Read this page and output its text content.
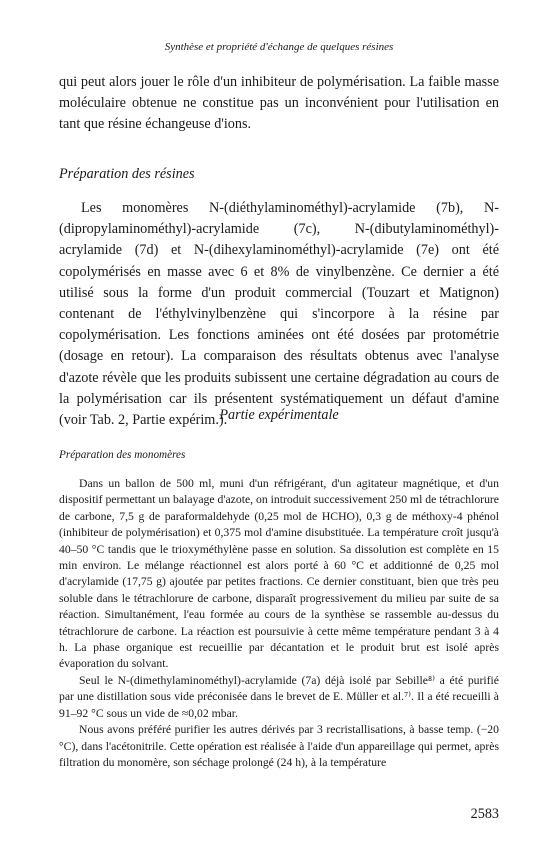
Synthèse et propriété d'échange de quelques résines

qui peut alors jouer le rôle d'un inhibiteur de polymérisation. La faible masse moléculaire obtenue ne constitue pas un inconvénient pour l'utilisation en tant que résine échangeuse d'ions.

Préparation des résines

Les monomères N-(diéthylaminométhyl)-acrylamide (7b), N-(dipropylaminométhyl)-acrylamide (7c), N-(dibutylaminométhyl)-acrylamide (7d) et N-(dihexylaminométhyl)-acrylamide (7e) ont été copolymérisés en masse avec 6 et 8% de vinylbenzène. Ce dernier a été utilisé sous la forme d'un produit commercial (Touzart et Matignon) contenant de l'éthylvinylbenzène qui s'incorpore à la résine par copolymérisation. Les fonctions aminées ont été dosées par protométrie (dosage en retour). La comparaison des résultats obtenus avec l'analyse d'azote révèle que les produits subissent une certaine dégradation au cours de la polymérisation car ils présentent systématiquement un défaut d'amine (voir Tab. 2, Partie expérim.).

Partie expérimentale

Préparation des monomères

Dans un ballon de 500 ml, muni d'un réfrigérant, d'un agitateur magnétique, et d'un dispositif permettant un balayage d'azote, on introduit successivement 250 ml de tétrachlorure de carbone, 7,5 g de paraformaldehyde (0,25 mol de HCHO), 0,3 g de méthoxy-4 phénol (inhibiteur de polymérisation) et 0,375 mol d'amine disubstituée. La température croît jusqu'à 40–50 °C tandis que le trioxyméthylène passe en solution. Sa dissolution est complète en 15 min environ. Le mélange réactionnel est alors porté à 60 °C et additionné de 0,25 mol d'acrylamide (17,75 g) ajoutée par petites fractions. Ce dernier constituant, bien que très peu soluble dans le tétrachlorure de carbone, disparaît progressivement du milieu par suite de sa réaction. Simultanément, l'eau formée au cours de la synthèse se rassemble au-dessus du tétrachlorure de carbone. La réaction est poursuivie à cette même température pendant 3 à 4 h. La phase organique est recueillie par décantation et le produit brut est isolé après évaporation du solvant.

Seul le N-(dimethylaminométhyl)-acrylamide (7a) déjà isolé par Sebille⁸⁾ a été purifié par une distillation sous vide préconisée dans le brevet de E. Müller et al.⁷⁾. Il a été recueilli à 91–92 °C sous un vide de ≈0,02 mbar.

Nous avons préféré purifier les autres dérivés par 3 recristallisations, à basse temp. (−20 °C), dans l'acétonitrile. Cette opération est réalisée à l'aide d'un appareillage qui permet, après filtration du monomère, son séchage prolongé (24 h), à la température

2583
